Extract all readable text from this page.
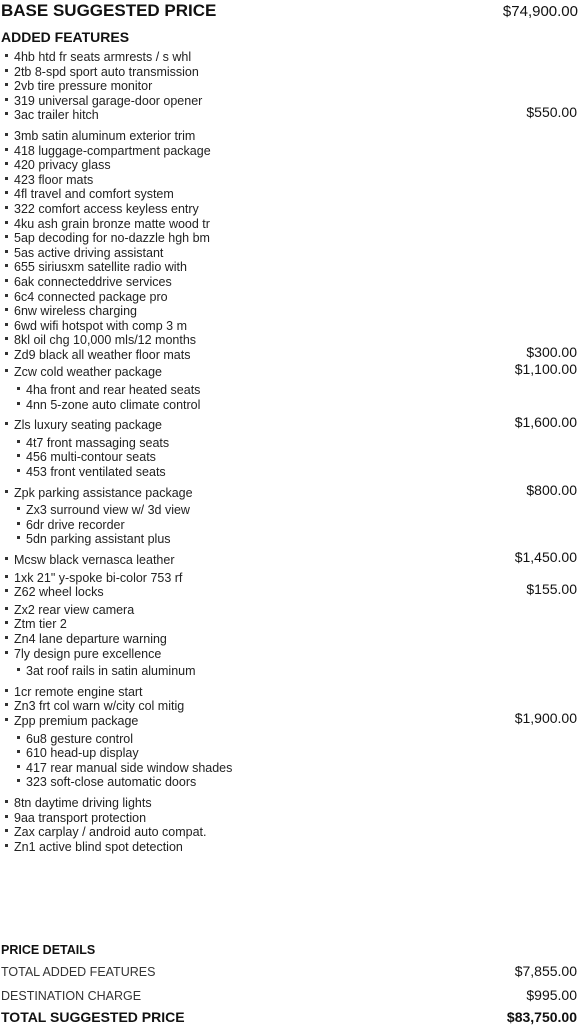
BASE SUGGESTED PRICE	$74,900.00
ADDED FEATURES
4hb htd fr seats armrests / s whl
2tb 8-spd sport auto transmission
2vb tire pressure monitor
319 universal garage-door opener
3ac trailer hitch	$550.00
3mb satin aluminum exterior trim
418 luggage-compartment package
420 privacy glass
423 floor mats
4fl travel and comfort system
322 comfort access keyless entry
4ku ash grain bronze matte wood tr
5ap decoding for no-dazzle hgh bm
5as active driving assistant
655 siriusxm satellite radio with
6ak connecteddrive services
6c4 connected package pro
6nw wireless charging
6wd wifi hotspot with comp 3 m
8kl oil chg 10,000 mls/12 months
Zd9 black all weather floor mats	$300.00
Zcw cold weather package	$1,100.00
4ha front and rear heated seats
4nn 5-zone auto climate control
Zls luxury seating package	$1,600.00
4t7 front massaging seats
456 multi-contour seats
453 front ventilated seats
Zpk parking assistance package	$800.00
Zx3 surround view w/ 3d view
6dr drive recorder
5dn parking assistant plus
Mcsw black vernasca leather	$1,450.00
1xk 21" y-spoke bi-color 753 rf
Z62 wheel locks	$155.00
Zx2 rear view camera
Ztm tier 2
Zn4 lane departure warning
7ly design pure excellence
3at roof rails in satin aluminum
1cr remote engine start
Zn3 frt col warn w/city col mitig
Zpp premium package	$1,900.00
6u8 gesture control
610 head-up display
417 rear manual side window shades
323 soft-close automatic doors
8tn daytime driving lights
9aa transport protection
Zax carplay / android auto compat.
Zn1 active blind spot detection
PRICE DETAILS
TOTAL ADDED FEATURES	$7,855.00
DESTINATION CHARGE	$995.00
TOTAL SUGGESTED PRICE	$83,750.00
